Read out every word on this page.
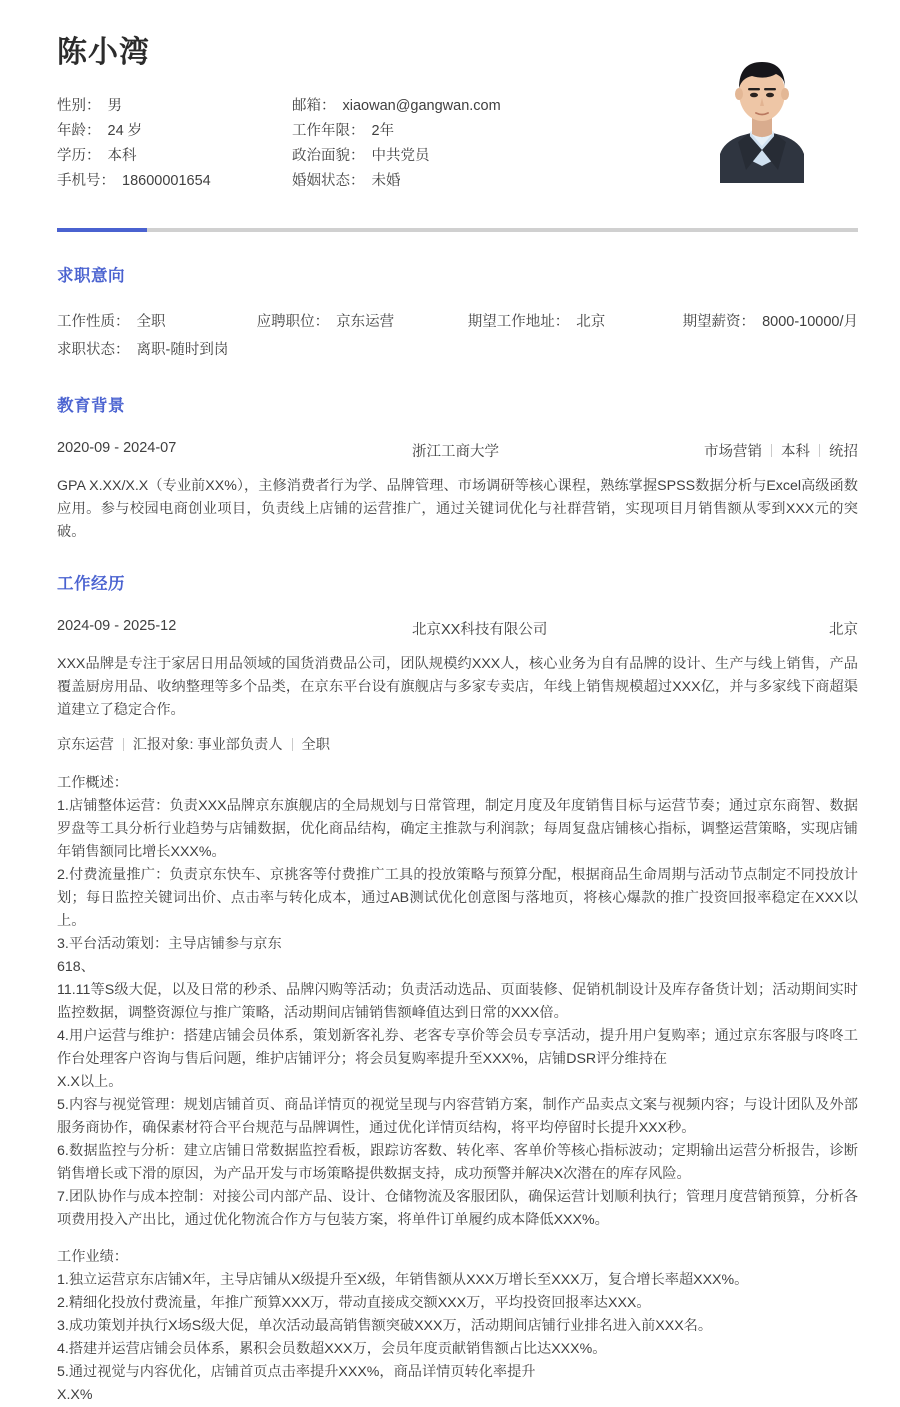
陈小湾
性别： 男	邮箱： xiaowan@gangwan.com
年龄： 24 岁	工作年限： 2年
学历： 本科	政治面貌： 中共党员
手机号： 18600001654	婚姻状态： 未婚
求职意向
工作性质： 全职	应聘职位： 京东运营	期望工作地址： 北京	期望薪资： 8000-10000/月
求职状态： 离职-随时到岗
教育背景
2020-09 - 2024-07	浙江工商大学	市场营销 本科 统招
GPA X.XX/X.X（专业前XX%），主修消费者行为学、品牌管理、市场调研等核心课程，熟练掌握SPSS数据分析与Excel高级函数应用。参与校园电商创业项目，负责线上店铺的运营推广，通过关键词优化与社群营销，实现项目月销售额从零到XXX元的突破。
工作经历
2024-09 - 2025-12	北京XX科技有限公司	北京
XXX品牌是专注于家居日用品领域的国货消费品公司，团队规模约XXX人，核心业务为自有品牌的设计、生产与线上销售，产品覆盖厨房用品、收纳整理等多个品类，在京东平台设有旗舰店与多家专卖店，年线上销售规模超过XXX亿，并与多家线下商超渠道建立了稳定合作。
京东运营 汇报对象: 事业部负责人 全职
工作概述：

1.店铺整体运营：负责XXX品牌京东旗舰店的全局规划与日常管理，制定月度及年度销售目标与运营节奏；通过京东商智、数据罗盘等工具分析行业趋势与店铺数据，优化商品结构，确定主推款与利润款；每周复盘店铺核心指标，调整运营策略，实现店铺年销售额同比增长XXX%。

2.付费流量推广：负责京东快车、京挑客等付费推广工具的投放策略与预算分配，根据商品生命周期与活动节点制定不同投放计划；每日监控关键词出价、点击率与转化成本，通过AB测试优化创意图与落地页，将核心爆款的推广投资回报率稳定在XXX以上。

3.平台活动策划：主导店铺参与京东

618、

11.11等S级大促，以及日常的秒杀、品牌闪购等活动；负责活动选品、页面装修、促销机制设计及库存备货计划；活动期间实时监控数据，调整资源位与推广策略，活动期间店铺销售额峰值达到日常的XXX倍。

4.用户运营与维护：搭建店铺会员体系，策划新客礼券、老客专享价等会员专享活动，提升用户复购率；通过京东客服与咚咚工作台处理客户咨询与售后问题，维护店铺评分；将会员复购率提升至XXX%，店铺DSR评分维持在

X.X以上。

5.内容与视觉管理：规划店铺首页、商品详情页的视觉呈现与内容营销方案，制作产品卖点文案与视频内容；与设计团队及外部服务商协作，确保素材符合平台规范与品牌调性，通过优化详情页结构，将平均停留时长提升XXX秒。

6.数据监控与分析：建立店铺日常数据监控看板，跟踪访客数、转化率、客单价等核心指标波动；定期输出运营分析报告，诊断销售增长或下滑的原因，为产品开发与市场策略提供数据支持，成功预警并解决X次潜在的库存风险。

7.团队协作与成本控制：对接公司内部产品、设计、仓储物流及客服团队，确保运营计划顺利执行；管理月度营销预算，分析各项费用投入产出比，通过优化物流合作方与包装方案，将单件订单履约成本降低XXX%。

工作业绩：

1.独立运营京东店铺X年，主导店铺从X级提升至X级，年销售额从XXX万增长至XXX万，复合增长率超XXX%。

2.精细化投放付费流量，年推广预算XXX万，带动直接成交额XXX万，平均投资回报率达XXX。

3.成功策划并执行X场S级大促，单次活动最高销售额突破XXX万，活动期间店铺行业排名进入前XXX名。

4.搭建并运营店铺会员体系，累积会员数超XXX万，会员年度贡献销售额占比达XXX%。

5.通过视觉与内容优化，店铺首页点击率提升XXX%，商品详情页转化率提升

X.X%
